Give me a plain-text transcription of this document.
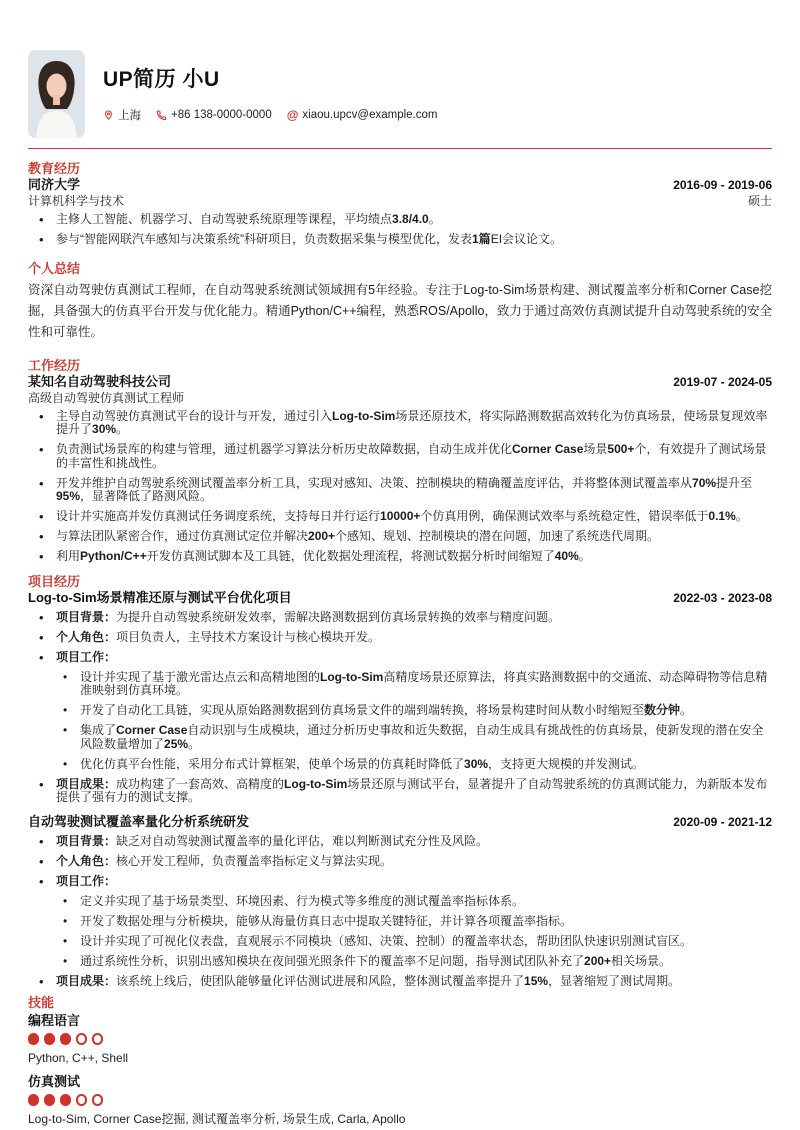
UP简历 小U
上海	+86 138-0000-0000 @ xiaou.upcv@example.com
教育经历
同济大学	2016-09 - 2019-06
计算机科学与技术	硕士
• 主修人工智能、机器学习、自动驾驶系统原理等课程，平均绩点3.8/4.0。
• 参与“智能网联汽车感知与决策系统”科研项目，负责数据采集与模型优化，发表1篇EI会议论文。
个人总结

资深自动驾驶仿真测试工程师，在自动驾驶系统测试领域拥有5年经验。专注于Log-to-Sim场景构建、测试覆盖率分析和Corner Case挖掘，具备强大的仿真平台开发与优化能力。精通Python/C++编程，熟悉ROS/Apollo，致力于通过高效仿真测试提升自动驾驶系统的安全性和可靠性。

工作经历
某知名自动驾驶科技公司	2019-07 - 2024-05
高级自动驾驶仿真测试工程师
• 主导自动驾驶仿真测试平台的设计与开发，通过引入Log-to-Sim场景还原技术，将实际路测数据高效转化为仿真场景，使场景复现效率提升了30%。
• 负责测试场景库的构建与管理，通过机器学习算法分析历史故障数据，自动生成并优化Corner Case场景500+个，有效提升了测试场景的丰富性和挑战性。
• 开发并维护自动驾驶系统测试覆盖率分析工具，实现对感知、决策、控制模块的精确覆盖度评估，并将整体测试覆盖率从70%提升至95%，显著降低了路测风险。
• 设计并实施高并发仿真测试任务调度系统，支持每日并行运行10000+个仿真用例，确保测试效率与系统稳定性，错误率低于0.1%。
• 与算法团队紧密合作，通过仿真测试定位并解决200+个感知、规划、控制模块的潜在问题，加速了系统迭代周期。
• 利用Python/C++开发仿真测试脚本及工具链，优化数据处理流程，将测试数据分析时间缩短了40%。
项目经历
Log-to-Sim场景精准还原与测试平台优化项目	2022-03 - 2023-08
• 项目背景：为提升自动驾驶系统研发效率，需解决路测数据到仿真场景转换的效率与精度问题。
• 个人角色：项目负责人，主导技术方案设计与核心模块开发。
• 项目工作：
• 设计并实现了基于激光雷达点云和高精地图的Log-to-Sim高精度场景还原算法，将真实路测数据中的交通流、动态障碍物等信息精准映射到仿真环境。
• 开发了自动化工具链，实现从原始路测数据到仿真场景文件的端到端转换，将场景构建时间从数小时缩短至数分钟。
• 集成了Corner Case自动识别与生成模块，通过分析历史事故和近失数据，自动生成具有挑战性的仿真场景，使新发现的潜在安全风险数量增加了25%。
• 优化仿真平台性能，采用分布式计算框架，使单个场景的仿真耗时降低了30%，支持更大规模的并发测试。
• 项目成果：成功构建了一套高效、高精度的Log-to-Sim场景还原与测试平台，显著提升了自动驾驶系统的仿真测试能力，为新版本发布提供了强有力的测试支撑。
自动驾驶测试覆盖率量化分析系统研发	2020-09 - 2021-12
• 项目背景：缺乏对自动驾驶测试覆盖率的量化评估，难以判断测试充分性及风险。
• 个人角色：核心开发工程师，负责覆盖率指标定义与算法实现。
• 项目工作：
• 定义并实现了基于场景类型、环境因素、行为模式等多维度的测试覆盖率指标体系。
• 开发了数据处理与分析模块，能够从海量仿真日志中提取关键特征，并计算各项覆盖率指标。
• 设计并实现了可视化仪表盘，直观展示不同模块（感知、决策、控制）的覆盖率状态，帮助团队快速识别测试盲区。
• 通过系统性分析，识别出感知模块在夜间强光照条件下的覆盖率不足问题，指导测试团队补充了200+相关场景。
• 项目成果：该系统上线后，使团队能够量化评估测试进展和风险，整体测试覆盖率提升了15%，显著缩短了测试周期。
技能
编程语言
Python, C++, Shell
仿真测试
Log-to-Sim, Corner Case挖掘, 测试覆盖率分析, 场景生成, Carla, Apollo
